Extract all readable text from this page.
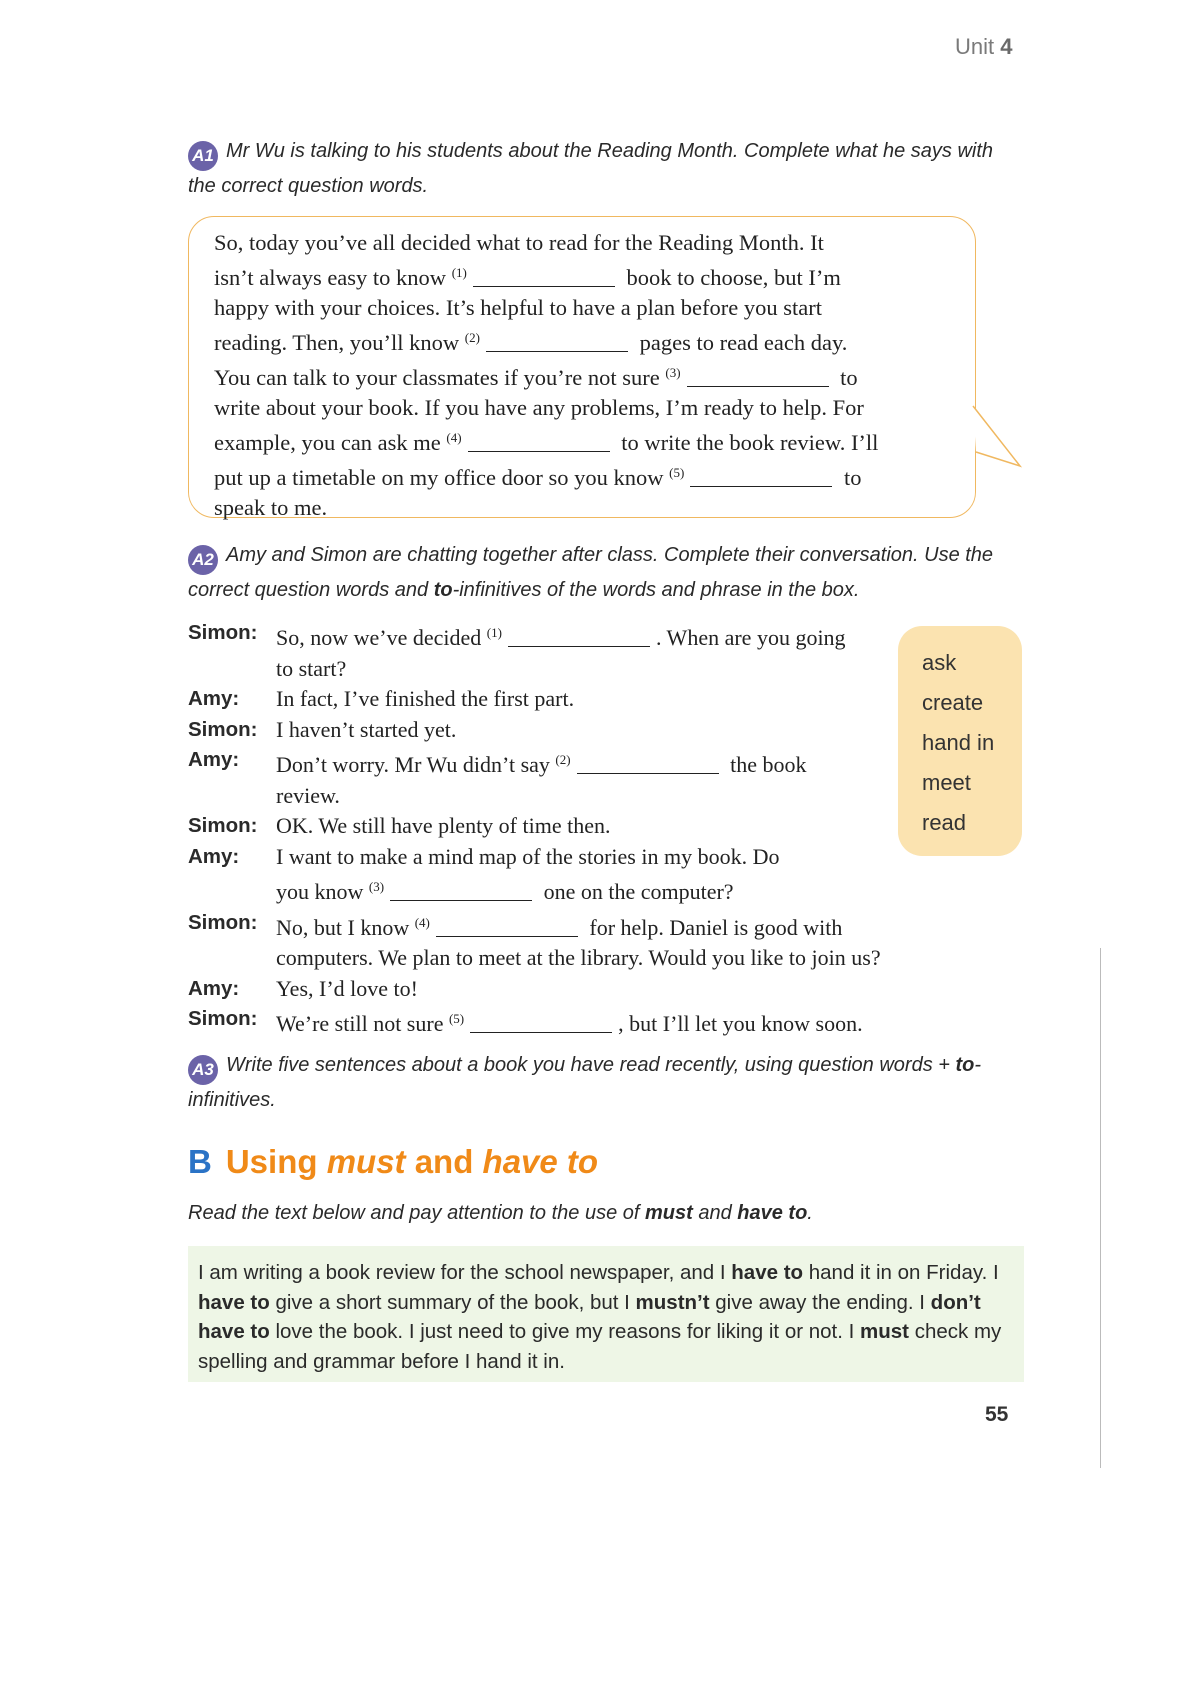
Unit 4
A1 Mr Wu is talking to his students about the Reading Month. Complete what he says with the correct question words.
So, today you’ve all decided what to read for the Reading Month. It
isn’t always easy to know $^{(1)}$	book to choose, but I’m
happy with your choices. It’s helpful to have a plan before you start
reading. Then, you’ll know $^{(2)}$	pages to read each day.
You can talk to your classmates if you’re not sure $^{(3)}$	to
write about your book. If you have any problems, I’m ready to help. For
example, you can ask me $^{(4)}$	to write the book review. I’ll
put up a timetable on my office door so you know $^{(5)}$	to
speak to me.
A2 Amy and Simon are chatting together after class. Complete their conversation. Use the correct question words and to-infinitives of the words and phrase in the box.
ask
create
hand in
meet
read
Simon: So, now we’ve decided $^{(1)}$	. When are you going
to start?
Amy:	In fact, I’ve finished the first part.
Simon: I haven’t started yet.
Amy:	Don’t worry. Mr Wu didn’t say $^{(2)}$	the book
review.
Simon: OK. We still have plenty of time then.
Amy:	I want to make a mind map of the stories in my book. Do
you know $^{(3)}$	one on the computer?
Simon: No, but I know $^{(4)}$	for help. Daniel is good with
computers. We plan to meet at the library. Would you like to join us?
Amy:	Yes, I’d love to!
Simon: We’re still not sure $^{(5)}$	, but I’ll let you know soon.
A3 Write five sentences about a book you have read recently, using question words + to-infinitives.
B Using must and have to
Read the text below and pay attention to the use of must and have to.
I am writing a book review for the school newspaper, and I have to hand it in on Friday. I have to give a short summary of the book, but I mustn’t give away the ending. I don’t have to love the book. I just need to give my reasons for liking it or not. I must check my spelling and grammar before I hand it in.
55
